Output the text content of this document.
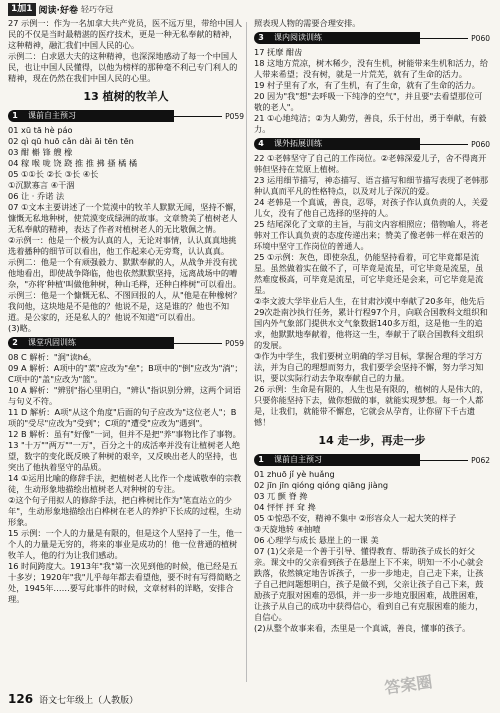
1加1 阅读·好卷 轻巧夺冠

27 示例一：作为一名加拿大共产党员，医不远万里，带给中国人民的不仅是当时最精湛的医疗技术，更是一种无私奉献的精神，这种精神，融汇我们中国人民的心。

示例二：白求恩大夫的这种精神，也深深地感动了每一个中国人民，也让中国人民懂得，以他为榜样的那种毫不利己专门利人的精神，现在仍然在我们中国人民的心里。

13 植树的牧羊人
1	课前自主预习	P059

01 xū tā hè páo

02 qì qū huō cǎn dài āi tēn tēn

03 酣 槲 锋 艘 橡

04 稼 喉 咙 饶 跷 推 推 拂 搔 橘 橘

05 ①①长 ②长 ③长 ④长

①沉默寡言 ④干涸

06 让 · 乔诺 法

07 ①文本主要讲述了一个荒漠中的牧羊人默默无闻，坚持不懈，慷慨无私地种树，使荒漠变成绿洲的故事。文章赞美了植树老人无私奉献的精神，表达了作者对植树老人的无比敬佩之情。

②示例一：他是一个极为认真的人，无论对事情，认认真真地挑选着播种的细节可以看出，他工作起来心无旁骛，认认真真。

示例二：他是一个有顽强毅力、默默奉献的人，从战争并没有扰他地看出，即使战争降临，他也依然默默坚持，远离战场中的嘈杂，"亦将'种植'叫做他种树，种山毛榉，还种白桦树"可以看出。

示例三：他是一个慷慨无私、不图回报的人，从"他是在种橡树？我问他，这块地是不是他的？他说不是，这是谁的？他也不知道。是公家的，还是私人的？他说不知道"可以看出。

(3)略。

2	课堂巩固训练	P059

08 C 解析："涧"读hé。

09 A 解析：A项中的"菜"应改为"垒"；B项中的"倒"应改为"淌"；C项中的"盖"应改为"篮"。

10 A 解析："辨别"指心里明白，"辨认"指识别分辨，这两个词语与句义不符。

11 D 解析：A项"从这个角度"后面的句子应改为"这位老人"；B项的"受尽"应改为"受到"；C项的"遭受"应改为"遇到"。

12 B 解析：虽有"好像"一词，但并不是把"养"事物比作了事物。

13 "十万""两万""一万"，百分之十的成活率并没有让植树老人绝望，数字的变化既反映了种树的艰辛，又反映出老人的坚持，也突出了他执着坚守的品质。

14 ①运用比喻的修辞手法，把植树老人比作一个虔诚敬奉的宗教徒，生动形象地描绘出植树老人对种树的专注。

②这个句子用拟人的修辞手法，把白桦树比作为"笔直站立的少年"，生动形象地描绘出白桦树在老人的养护下长成的过程，生动形象。

15 示例：一个人的力量是有限的，但是这个人坚持了一生，他一个人的力量是无穷的，将来的事业是成功的！他一位普通的植树牧羊人，他的行为让我们感动。

16 时间跨度大。1913年"我"第一次见到他的时候，他已经是五十多岁；1920年"我"儿乎每年都去看望他，要不时有写得简略之处，1945年……要写此事件的时候，文章材料的详略，安排合理。

照表现人物的需要合理安排。

3	课内阅读训练	P060

17 抚摩 酣齿

18 这地方荒凉，树木稀少，没有生机，树能带来生机和活力，给人带来希望；没有树，就是一片荒芜，就有了生命的活力。

19 村子里有了水，有了生机，有了生命，就有了生命的活力。

20 因为"我"想"去呼吸一下纯净的空气"，并且要"去看望那位可敬的老人"。

21 ①心地纯洁；②为人勤劳，善良，乐于付出，勇于奉献，有毅力。

4	课外拓展训练	P060

22 ①老韩坚守了自己的工作岗位。②老韩深爱儿子，舍不得离开韩但坚持在荒原上植树。

23 运用细节描写，神态描写、语言描写和细节描写表现了老韩那种认真而平凡的性格特点，以及对儿子深沉的爱。

24 老韩是一个真诚，善良，忍辱，对孩子作认真负责的人，关爱儿女，没有了他自己选择的坚持的人。

25 结尾深化了文章的主旨，与前文内容相照应；借物喻人，将老韩对工作认真负责的态度传递出来；赞美了像老韩一样在艰苦的环境中坚守工作岗位的普通人。

25 ①示例：灰色，即使杂乱，仍能坚持看着，可它毕竟都是流星。虽然做着实在做不了，可毕竟是流星，可它毕竟是流星，虽然难度极高，可毕竟是流星，可它毕竟还是会来，可它毕竟是流星。

②李文波大学毕业后人生，在甘肃沙漠中奉献了20多年，他先后29次赴南沙执行任务，累计行程97个月，向联合国教科文组织和国内外气象部门提供水文气象数据140多万组，这是他一生的追求，他默默地奉献着，他将这一生，奉献于了联合国教科文组织的发展。

③作为中学生，我们要树立明确的学习目标，掌握合理的学习方法，并为自己的理想而努力，我们要学会坚持不懈，努力学习知识，要以实际行动去争取奉献自己的力量。

26 示例：生命是有限的，人生也是有限的，植树的人是伟大的，只要你能坚持下去，做你想做的事，就能实现梦想。每一个人都是，让我们，就能带不懈怠，它就会从孕育，让你留下千古遗憾！

14 走一步，再走一步
1	课前自主预习	P062

01 zhuō jǐ yè huǎng

02 jīn jīn qióng qióng qiāng jiàng

03 兀 颤 脊 搀

04 怦怦 抨 耷 搀

05 ①惊恐不安，精神不集中 ②形容众人一起大笑的样子

③天旋地转 ④抽噎

06 心理学与成长 悬崖上的一课 美

07 (1)父亲是一个善于引导、懂得教育、帮助孩子成长的好父亲。课文中的父亲看到孩子在悬崖上下不来，明知一不小心就会跌落，依然镇定地告诉孩子，一步一步地走，自己走下来，让孩子自己把问题想明白，孩子是做不到，父亲让孩子自己下来，鼓励孩子克服对困难的恐惧，并一步一步地克服困难，战胜困难，让孩子从自己的成功中获得信心，看到自己有克服困难的能力，自信心。

(2)从整个故事来看，杰里是一个真诚，善良，懂事的孩子。

126 语文七年级上（人教版）
答案圈
